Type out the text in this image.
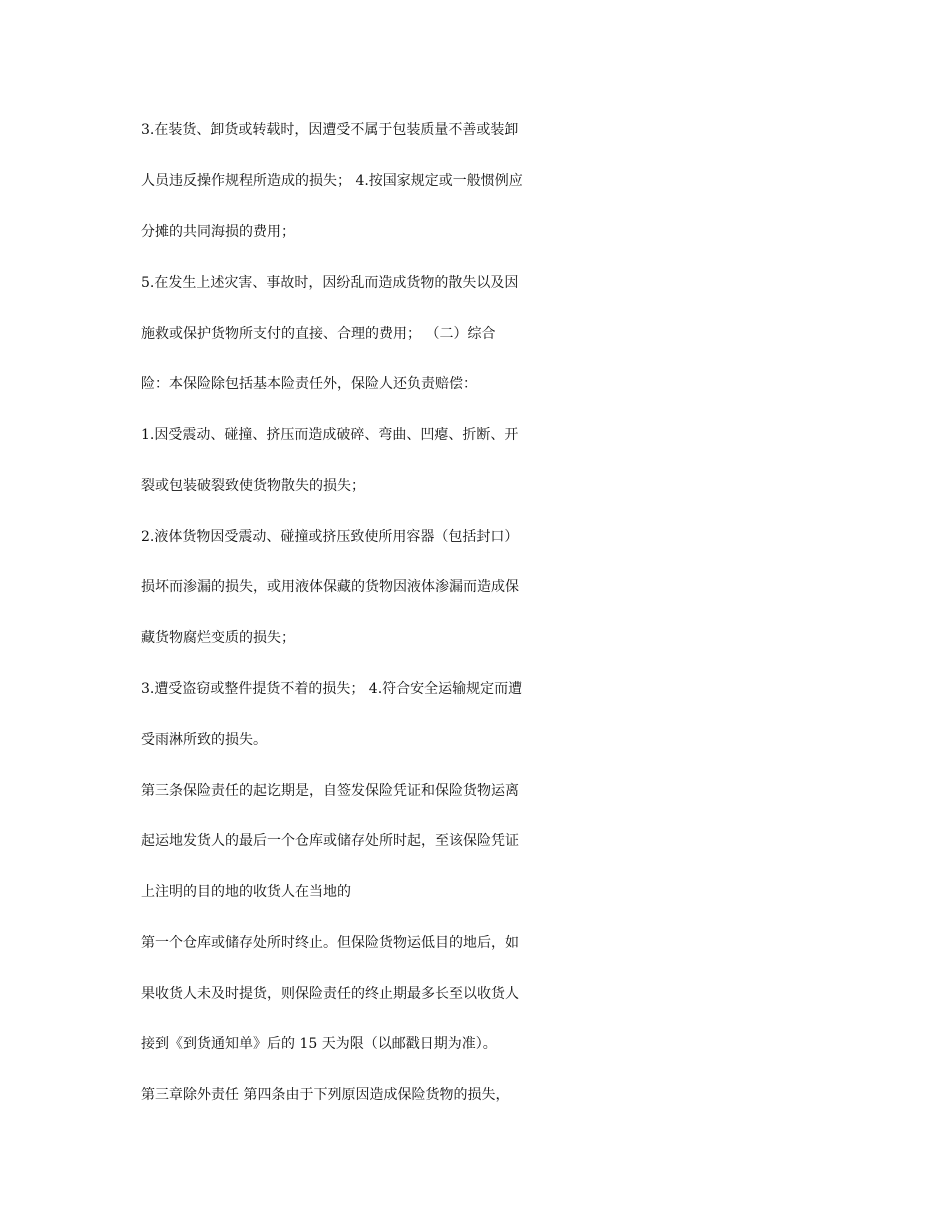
3.在装货、卸货或转载时，因遭受不属于包装质量不善或装卸
人员违反操作规程所造成的损失； 4.按国家规定或一般惯例应
分摊的共同海损的费用；
5.在发生上述灾害、事故时，因纷乱而造成货物的散失以及因
施救或保护货物所支付的直接、合理的费用； （二）综合
险：本保险除包括基本险责任外，保险人还负责赔偿：
1.因受震动、碰撞、挤压而造成破碎、弯曲、凹瘪、折断、开
裂或包装破裂致使货物散失的损失；
2.液体货物因受震动、碰撞或挤压致使所用容器（包括封口）
损坏而渗漏的损失，或用液体保藏的货物因液体渗漏而造成保
藏货物腐烂变质的损失；
3.遭受盗窃或整件提货不着的损失； 4.符合安全运输规定而遭
受雨淋所致的损失。
第三条保险责任的起讫期是，自签发保险凭证和保险货物运离
起运地发货人的最后一个仓库或储存处所时起，至该保险凭证
上注明的目的地的收货人在当地的
第一个仓库或储存处所时终止。但保险货物运低目的地后，如
果收货人未及时提货，则保险责任的终止期最多长至以收货人
接到《到货通知单》后的 15 天为限（以邮戳日期为准）。
第三章除外责任 第四条由于下列原因造成保险货物的损失，
